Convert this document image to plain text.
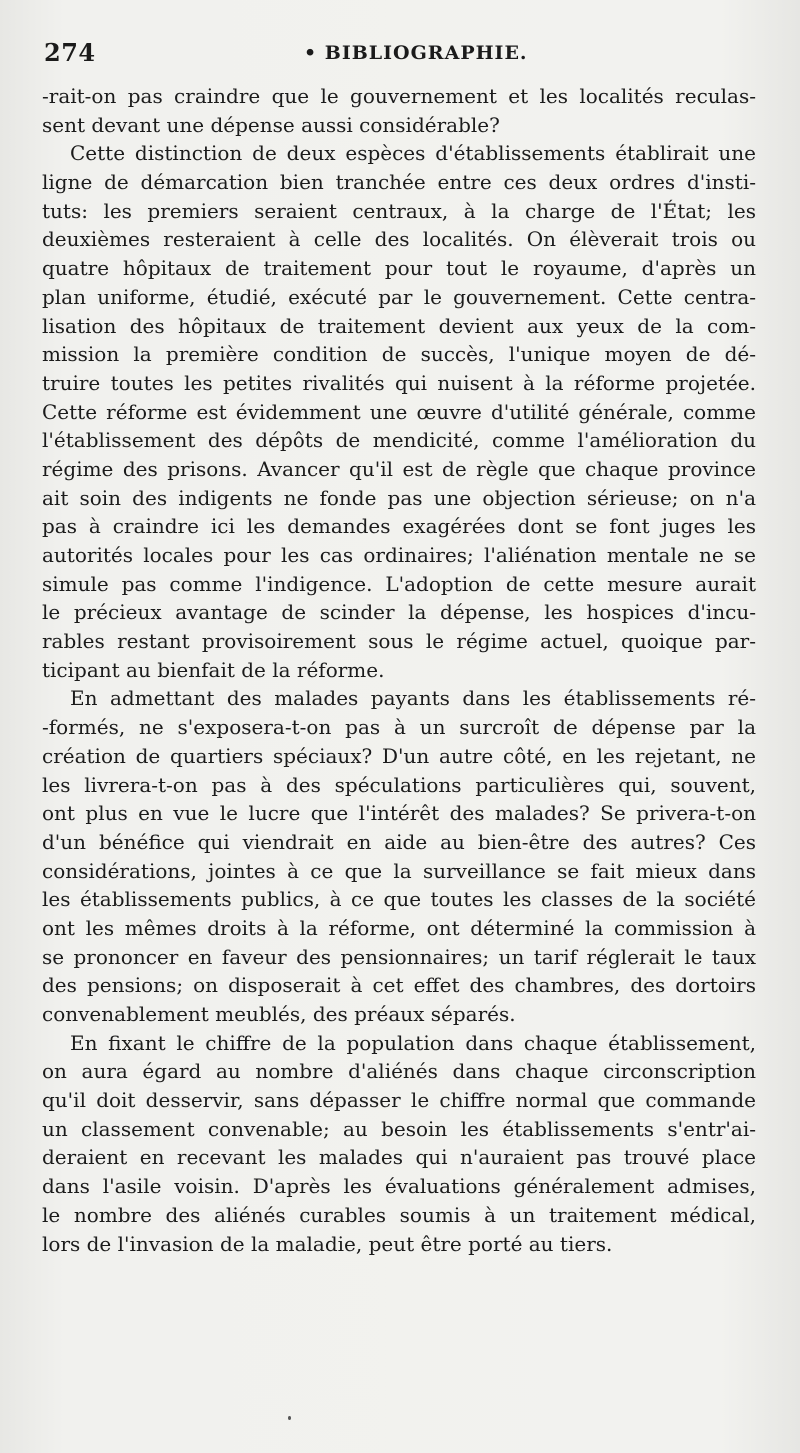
274	• BIBLIOGRAPHIE.
-rait-on pas craindre que le gouvernement et les localités reculas-
sent devant une dépense aussi considérable?
Cette distinction de deux espèces d'établissements établirait une
ligne de démarcation bien tranchée entre ces deux ordres d'insti-
tuts: les premiers seraient centraux, à la charge de l'État; les
deuxièmes resteraient à celle des localités. On élèverait trois ou
quatre hôpitaux de traitement pour tout le royaume, d'après un
plan uniforme, étudié, exécuté par le gouvernement. Cette centra-
lisation des hôpitaux de traitement devient aux yeux de la com-
mission la première condition de succès, l'unique moyen de dé-
truire toutes les petites rivalités qui nuisent à la réforme projetée.
Cette réforme est évidemment une œuvre d'utilité générale, comme
l'établissement des dépôts de mendicité, comme l'amélioration du
régime des prisons. Avancer qu'il est de règle que chaque province
ait soin des indigents ne fonde pas une objection sérieuse; on n'a
pas à craindre ici les demandes exagérées dont se font juges les
autorités locales pour les cas ordinaires; l'aliénation mentale ne se
simule pas comme l'indigence. L'adoption de cette mesure aurait
le précieux avantage de scinder la dépense, les hospices d'incu-
rables restant provisoirement sous le régime actuel, quoique par-
ticipant au bienfait de la réforme.
En admettant des malades payants dans les établissements ré-
-formés, ne s'exposera-t-on pas à un surcroît de dépense par la
création de quartiers spéciaux? D'un autre côté, en les rejetant, ne
les livrera-t-on pas à des spéculations particulières qui, souvent,
ont plus en vue le lucre que l'intérêt des malades? Se privera-t-on
d'un bénéfice qui viendrait en aide au bien-être des autres? Ces
considérations, jointes à ce que la surveillance se fait mieux dans
les établissements publics, à ce que toutes les classes de la société
ont les mêmes droits à la réforme, ont déterminé la commission à
se prononcer en faveur des pensionnaires; un tarif réglerait le taux
des pensions; on disposerait à cet effet des chambres, des dortoirs
convenablement meublés, des préaux séparés.
En fixant le chiffre de la population dans chaque établissement,
on aura égard au nombre d'aliénés dans chaque circonscription
qu'il doit desservir, sans dépasser le chiffre normal que commande
un classement convenable; au besoin les établissements s'entr'ai-
deraient en recevant les malades qui n'auraient pas trouvé place
dans l'asile voisin. D'après les évaluations généralement admises,
le nombre des aliénés curables soumis à un traitement médical,
lors de l'invasion de la maladie, peut être porté au tiers.
